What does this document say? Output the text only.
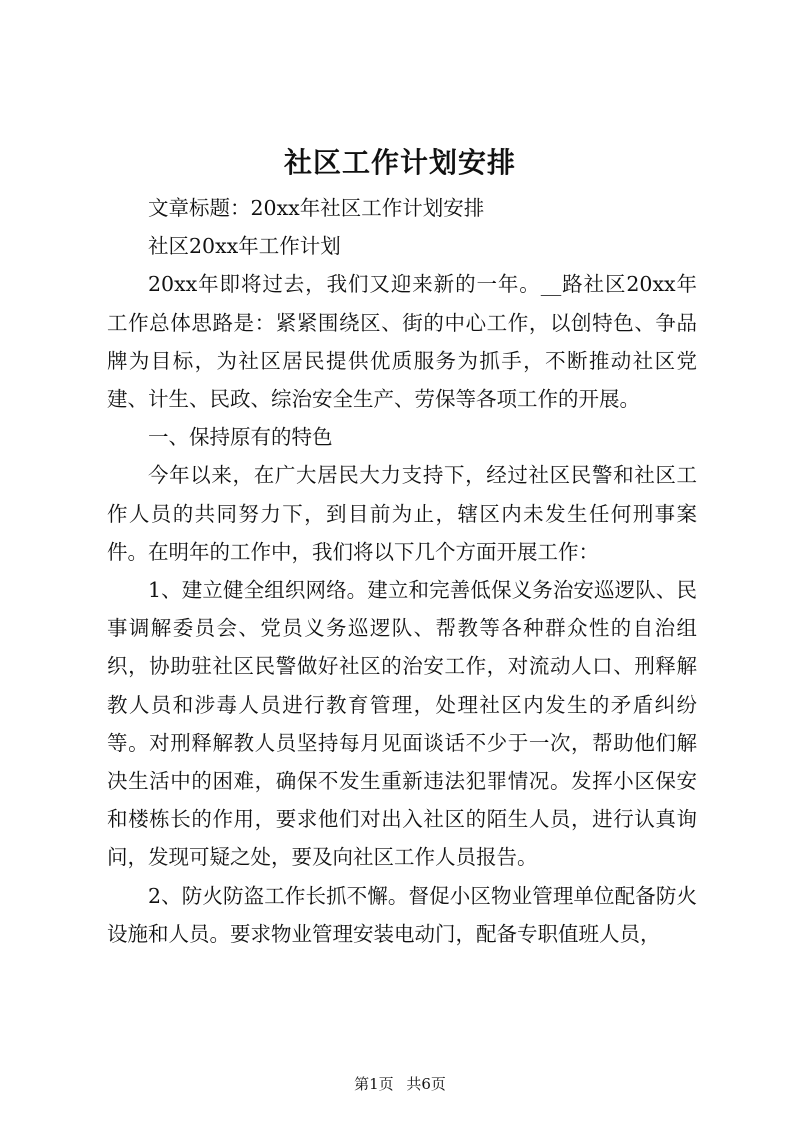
社区工作计划安排

文章标题：20xx年社区工作计划安排

社区20xx年工作计划

20xx年即将过去，我们又迎来新的一年。__路社区20xx年工作总体思路是：紧紧围绕区、街的中心工作，以创特色、争品牌为目标，为社区居民提供优质服务为抓手，不断推动社区党建、计生、民政、综治安全生产、劳保等各项工作的开展。

一、保持原有的特色

今年以来，在广大居民大力支持下，经过社区民警和社区工作人员的共同努力下，到目前为止，辖区内未发生任何刑事案件。在明年的工作中，我们将以下几个方面开展工作：

1、建立健全组织网络。建立和完善低保义务治安巡逻队、民事调解委员会、党员义务巡逻队、帮教等各种群众性的自治组织，协助驻社区民警做好社区的治安工作，对流动人口、刑释解教人员和涉毒人员进行教育管理，处理社区内发生的矛盾纠纷等。对刑释解教人员坚持每月见面谈话不少于一次，帮助他们解决生活中的困难，确保不发生重新违法犯罪情况。发挥小区保安和楼栋长的作用，要求他们对出入社区的陌生人员，进行认真询问，发现可疑之处，要及向社区工作人员报告。

2、防火防盗工作长抓不懈。督促小区物业管理单位配备防火设施和人员。要求物业管理安装电动门，配备专职值班人员，

第1页 共6页
